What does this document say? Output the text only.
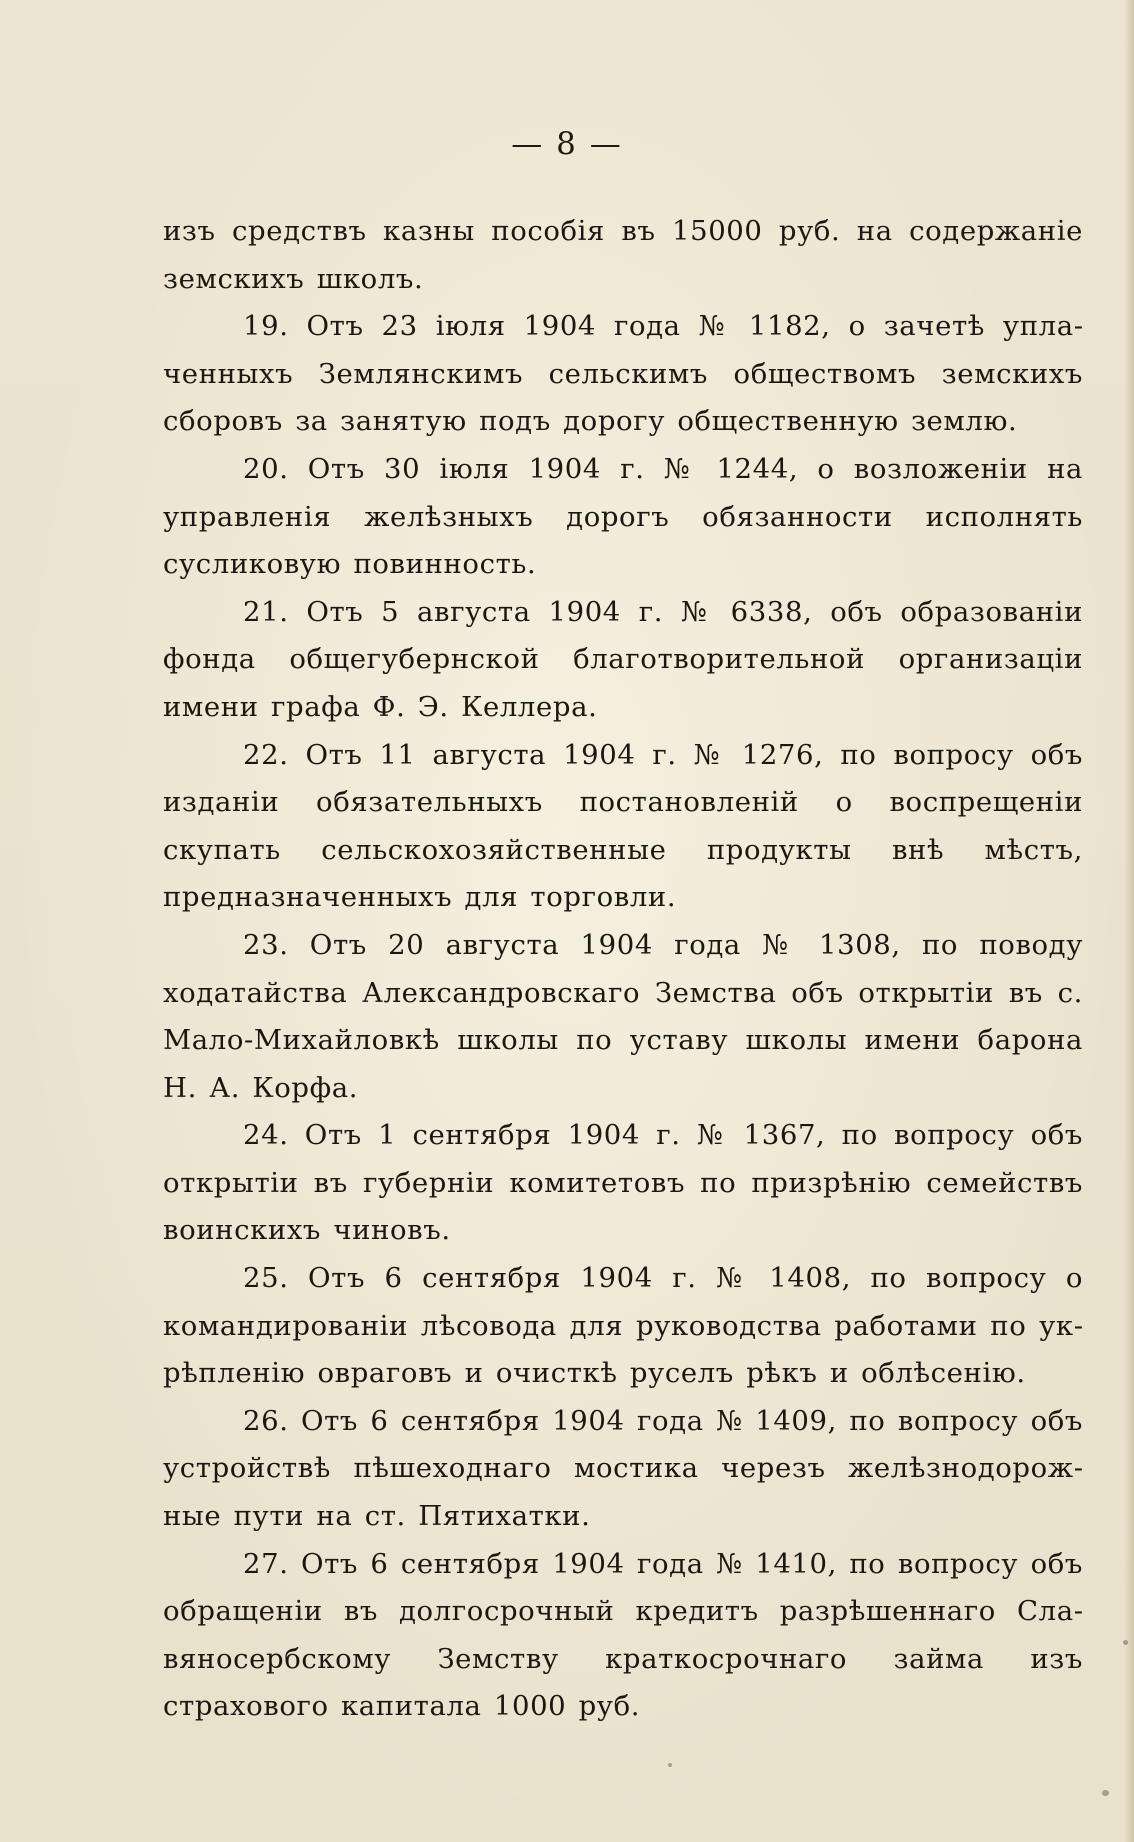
— 8 —

изъ средствъ казны пособія въ 15000 руб. на содержаніе земскихъ школъ.

19. Отъ 23 іюля 1904 года № 1182, о зачетѣ уплаченныхъ Землянскимъ сельскимъ обществомъ земскихъ сборовъ за занятую подъ дорогу общественную землю.

20. Отъ 30 іюля 1904 г. № 1244, о возложеніи на управленія желѣзныхъ дорогъ обязанности исполнять сусликовую повинность.

21. Отъ 5 августа 1904 г. № 6338, объ образованіи фонда общегубернской благотворительной организаціи имени графа Ф. Э. Келлера.

22. Отъ 11 августа 1904 г. № 1276, по вопросу объ изданіи обязательныхъ постановленій о воспрещеніи скупать сельскохозяйственные продукты внѣ мѣстъ, предназначенныхъ для торговли.

23. Отъ 20 августа 1904 года № 1308, по поводу ходатайства Александровскаго Земства объ открытіи въ с. Мало-Михайловкѣ школы по уставу школы имени барона Н. А. Корфа.

24. Отъ 1 сентября 1904 г. № 1367, по вопросу объ открытіи въ губерніи комитетовъ по призрѣнію семействъ воинскихъ чиновъ.

25. Отъ 6 сентября 1904 г. № 1408, по вопросу о командированіи лѣсовода для руководства работами по укрѣпленію овраговъ и очисткѣ руселъ рѣкъ и облѣсенію.

26. Отъ 6 сентября 1904 года № 1409, по вопросу объ устройствѣ пѣшеходнаго мостика черезъ желѣзнодорожные пути на ст. Пятихатки.

27. Отъ 6 сентября 1904 года № 1410, по вопросу объ обращеніи въ долгосрочный кредитъ разрѣшеннаго Славяносербскому Земству краткосрочнаго займа изъ страхового капитала 1000 руб.
